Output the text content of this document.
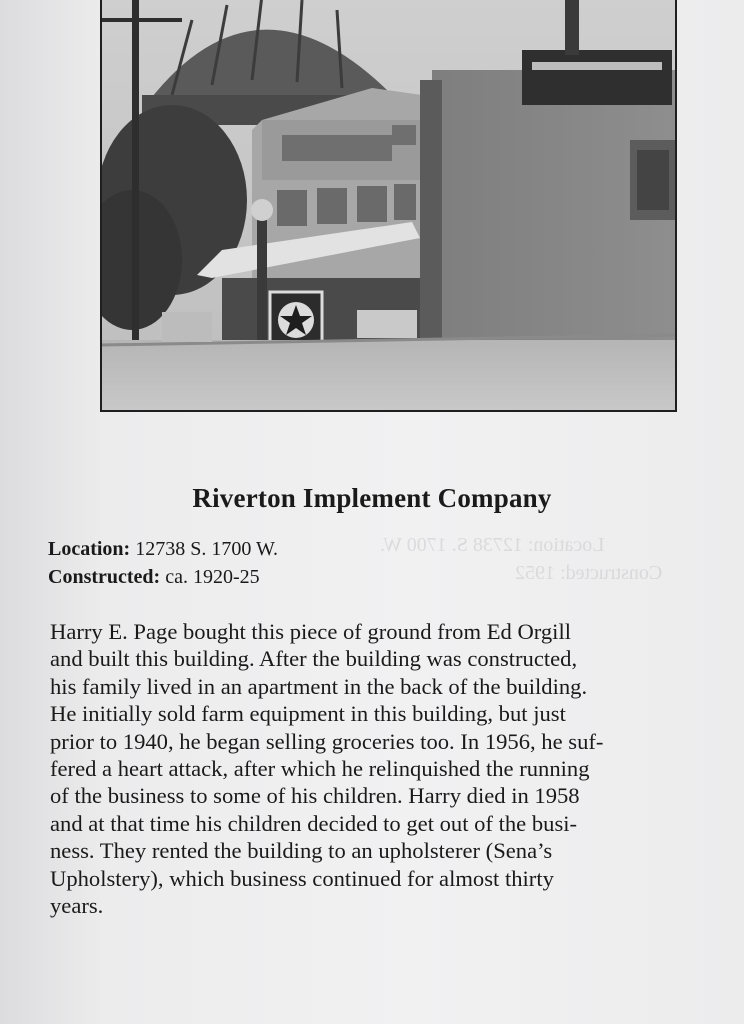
Location: 12738 S. 1700 W.
Constructed: 1952
Riverton Implement Company
Location: 12738 S. 1700 W.
Constructed: ca. 1920-25
Harry E. Page bought this piece of ground from Ed Orgill
and built this building. After the building was constructed,
his family lived in an apartment in the back of the building.
He initially sold farm equipment in this building, but just
prior to 1940, he began selling groceries too. In 1956, he suf-
fered a heart attack, after which he relinquished the running
of the business to some of his children. Harry died in 1958
and at that time his children decided to get out of the busi-
ness. They rented the building to an upholsterer (Sena’s
Upholstery), which business continued for almost thirty
years.
